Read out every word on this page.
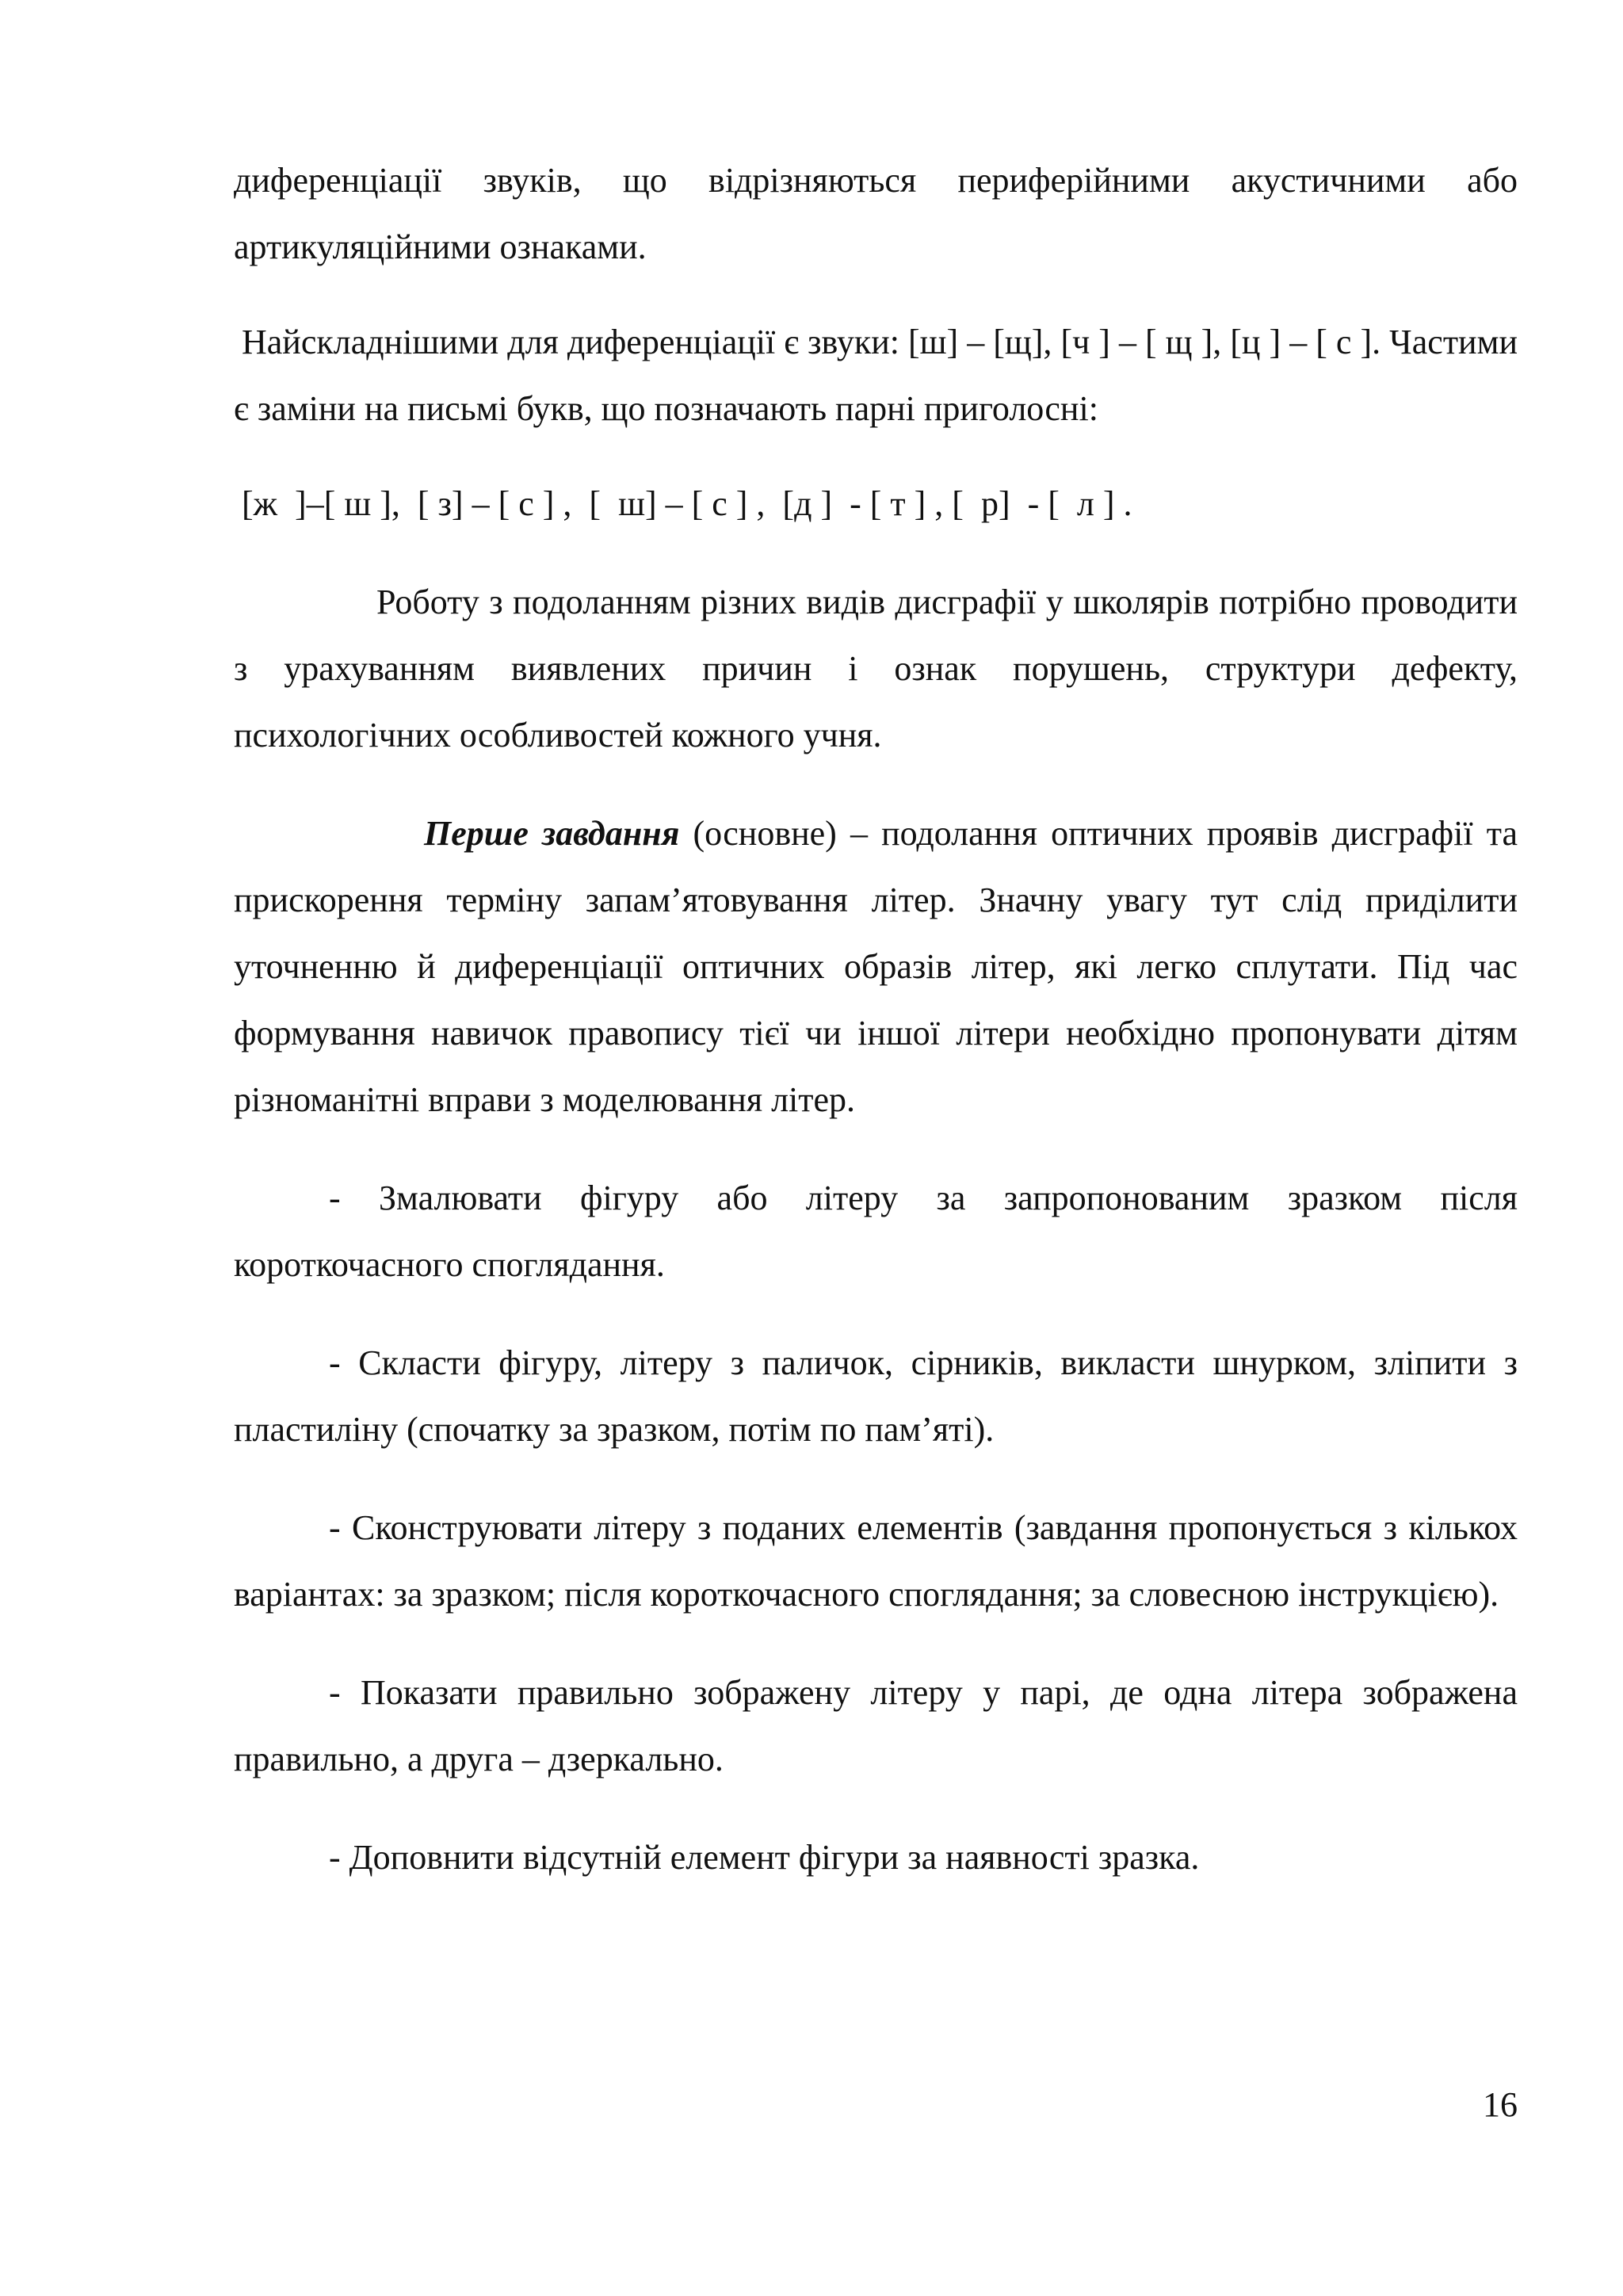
диференціації звуків, що відрізняються периферійними акустичними або артикуляційними ознаками.

Найскладнішими для диференціації є звуки: [ш] – [щ], [ч ] – [ щ ], [ц ] – [ с ]. Частими є заміни на письмі букв, що позначають парні приголосні:

[ж  ]–[ ш ],  [ з] – [ с ] ,  [  ш] – [ с ] ,  [д ]  - [ т ] , [  р]  - [  л ] .

Роботу з подоланням різних видів дисграфії у школярів потрібно проводити з урахуванням виявлених причин і ознак порушень, структури дефекту, психологічних особливостей кожного учня.

Перше завдання (основне) – подолання оптичних проявів дисграфії та прискорення терміну запам’ятовування літер. Значну увагу тут слід приділити уточненню й диференціації оптичних образів літер, які легко сплутати. Під час формування навичок правопису тієї чи іншої літери необхідно пропонувати дітям різноманітні вправи з моделювання літер.

- Змалювати фігуру або літеру за запропонованим зразком після короткочасного споглядання.

- Скласти фігуру, літеру з паличок, сірників, викласти шнурком, зліпити з пластиліну (спочатку за зразком, потім по пам’яті).

- Сконструювати літеру з поданих елементів (завдання пропонується з кількох варіантах: за зразком; після короткочасного споглядання; за словесною інструкцією).

- Показати правильно зображену літеру у парі, де одна літера зображена правильно, а друга – дзеркально.

- Доповнити відсутній елемент фігури за наявності зразка.

16
